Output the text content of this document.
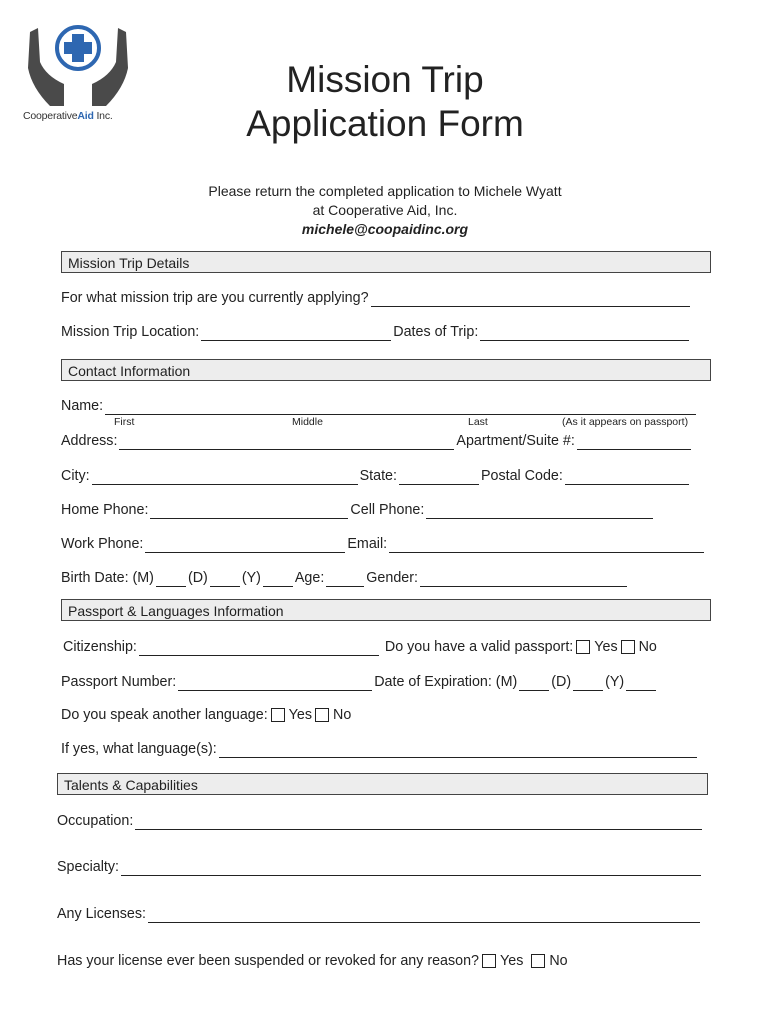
CooperativeAid Inc.
Mission Trip
Application Form
Please return the completed application to Michele Wyatt
at Cooperative Aid, Inc.
michele@coopaidinc.org
Mission Trip Details
For what mission trip are you currently applying?
Mission Trip Location:	Dates of Trip:
Contact Information
Name:
First	Middle	Last	(As it appears on passport)
Address:	Apartment/Suite #:
City:	State:	Postal Code:
Home Phone:	Cell Phone:
Work Phone:	Email:
Birth Date: (M) (D) (Y) Age:	Gender:
Passport & Languages Information
Citizenship:	Do you have a valid passport: Yes No
Passport Number:	Date of Expiration: (M) (D) (Y)
Do you speak another language: Yes No
If yes, what language(s):
Talents & Capabilities
Occupation:
Specialty:
Any Licenses:
Has your license ever been suspended or revoked for any reason? Yes No
